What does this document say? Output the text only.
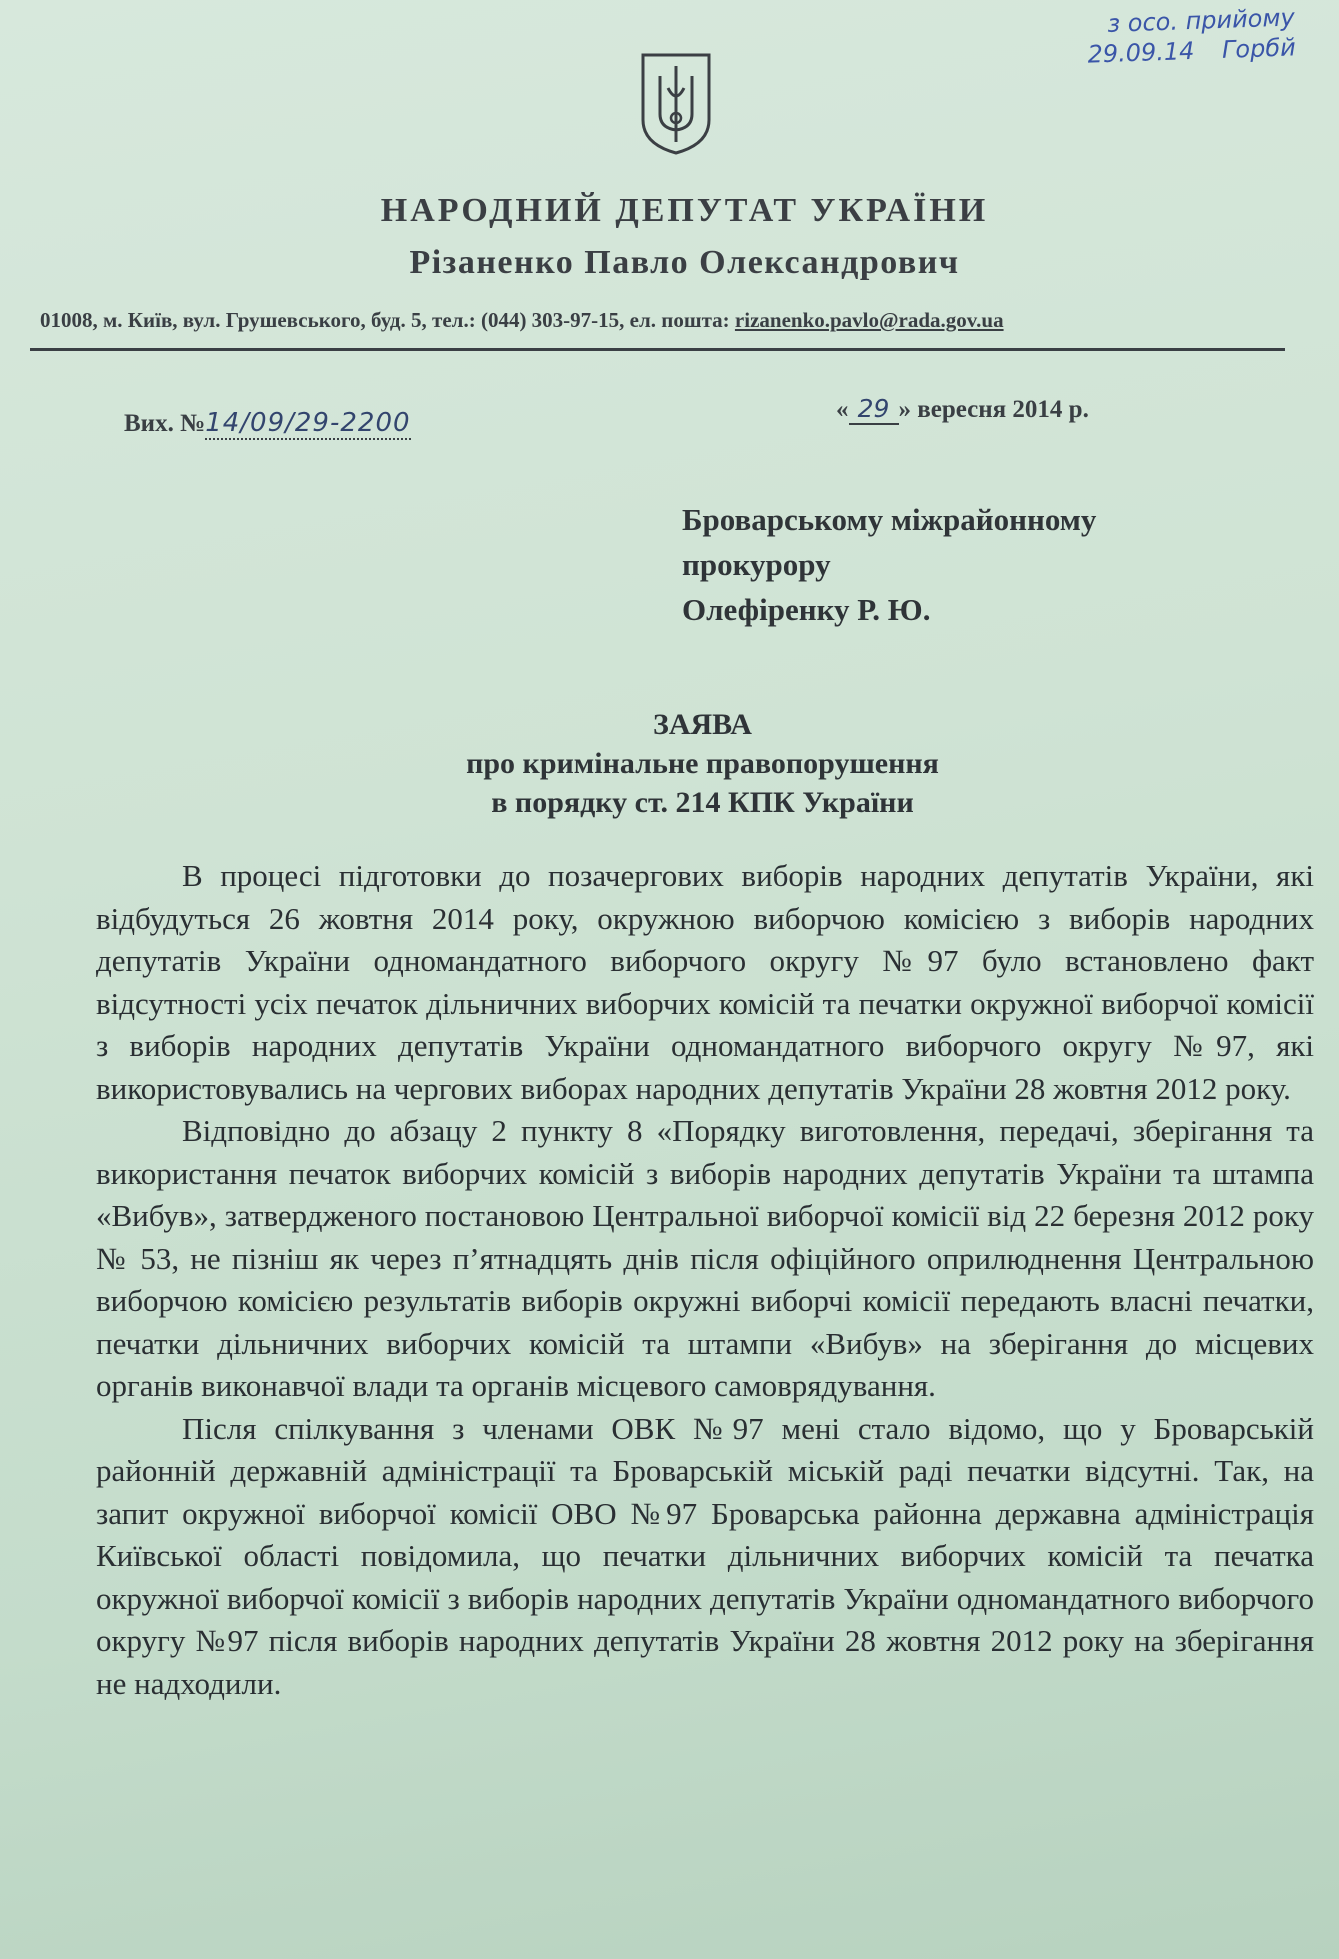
з осо. прийому
29.09.14 Горбй
НАРОДНИЙ ДЕПУТАТ УКРАЇНИ
Різаненко Павло Олександрович
01008, м. Київ, вул. Грушевського, буд. 5, тел.: (044) 303-97-15, ел. пошта: rizanenko.pavlo@rada.gov.ua
Вих. №14/09/29-2200	« 29 » вересня 2014 р.
Броварському міжрайонному
прокурору
Олефіренку Р. Ю.
ЗАЯВА
про кримінальне правопорушення
в порядку ст. 214 КПК України

В процесі підготовки до позачергових виборів народних депутатів України, які відбудуться 26 жовтня 2014 року, окружною виборчою комісією з виборів народних депутатів України одномандатного виборчого округу №97 було встановлено факт відсутності усіх печаток дільничних виборчих комісій та печатки окружної виборчої комісії з виборів народних депутатів України одномандатного виборчого округу №97, які використовувались на чергових виборах народних депутатів України 28 жовтня 2012 року.

Відповідно до абзацу 2 пункту 8 «Порядку виготовлення, передачі, зберігання та використання печаток виборчих комісій з виборів народних депутатів України та штампа «Вибув», затвердженого постановою Центральної виборчої комісії від 22 березня 2012 року № 53, не пізніш як через п’ятнадцять днів після офіційного оприлюднення Центральною виборчою комісією результатів виборів окружні виборчі комісії передають власні печатки, печатки дільничних виборчих комісій та штампи «Вибув» на зберігання до місцевих органів виконавчої влади та органів місцевого самоврядування.

Після спілкування з членами ОВК №97 мені стало відомо, що у Броварській районній державній адміністрації та Броварській міській раді печатки відсутні. Так, на запит окружної виборчої комісії ОВО №97 Броварська районна державна адміністрація Київської області повідомила, що печатки дільничних виборчих комісій та печатка окружної виборчої комісії з виборів народних депутатів України одномандатного виборчого округу №97 після виборів народних депутатів України 28 жовтня 2012 року на зберігання не надходили.
